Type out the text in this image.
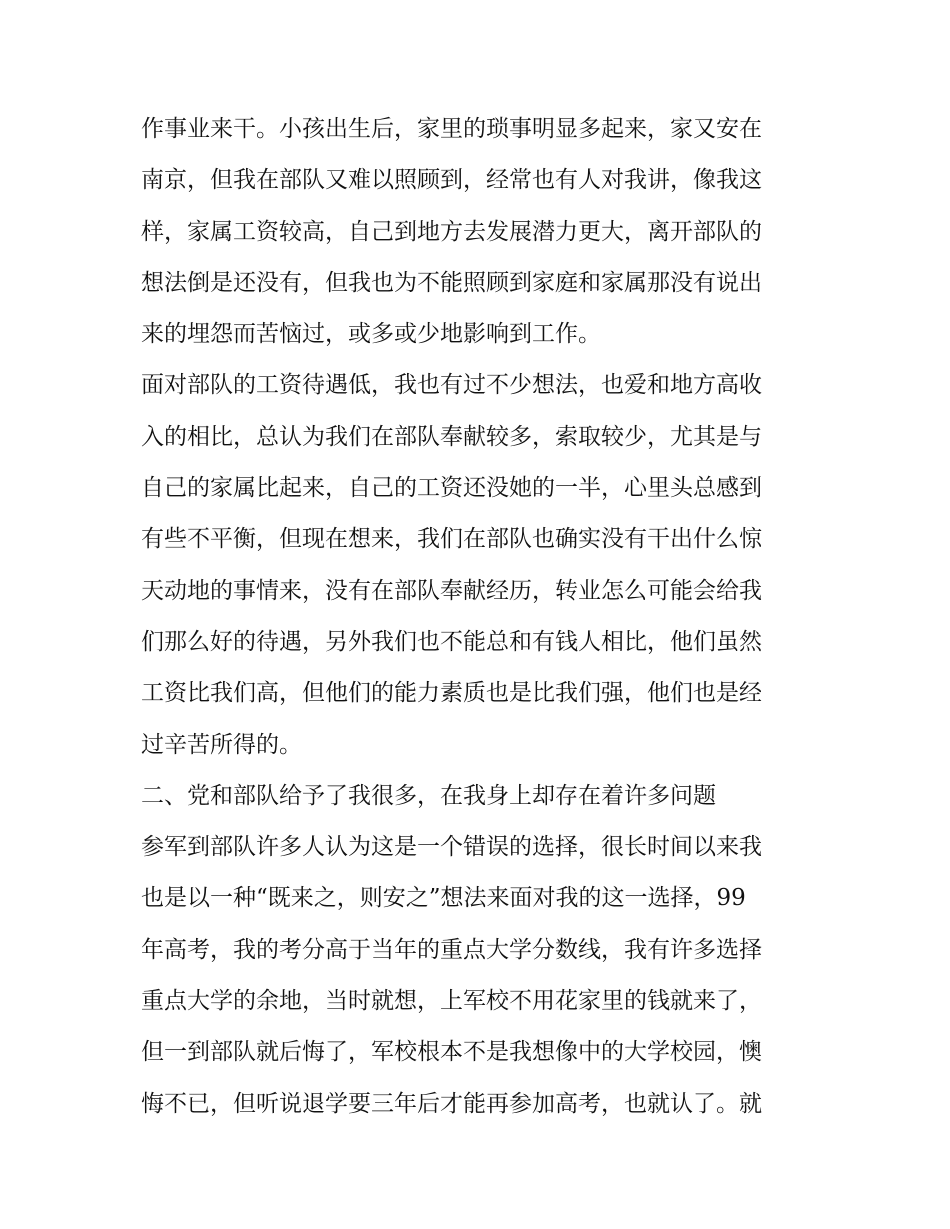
作事业来干。小孩出生后，家里的琐事明显多起来，家又安在
南京，但我在部队又难以照顾到，经常也有人对我讲，像我这
样，家属工资较高，自己到地方去发展潜力更大，离开部队的
想法倒是还没有，但我也为不能照顾到家庭和家属那没有说出
来的埋怨而苦恼过，或多或少地影响到工作。
面对部队的工资待遇低，我也有过不少想法，也爱和地方高收
入的相比，总认为我们在部队奉献较多，索取较少，尤其是与
自己的家属比起来，自己的工资还没她的一半，心里头总感到
有些不平衡，但现在想来，我们在部队也确实没有干出什么惊
天动地的事情来，没有在部队奉献经历，转业怎么可能会给我
们那么好的待遇，另外我们也不能总和有钱人相比，他们虽然
工资比我们高，但他们的能力素质也是比我们强，他们也是经
过辛苦所得的。
二、党和部队给予了我很多，在我身上却存在着许多问题
参军到部队许多人认为这是一个错误的选择，很长时间以来我
也是以一种“既来之，则安之”想法来面对我的这一选择，99
年高考，我的考分高于当年的重点大学分数线，我有许多选择
重点大学的余地，当时就想，上军校不用花家里的钱就来了，
但一到部队就后悔了，军校根本不是我想像中的大学校园，懊
悔不已，但听说退学要三年后才能再参加高考，也就认了。就
